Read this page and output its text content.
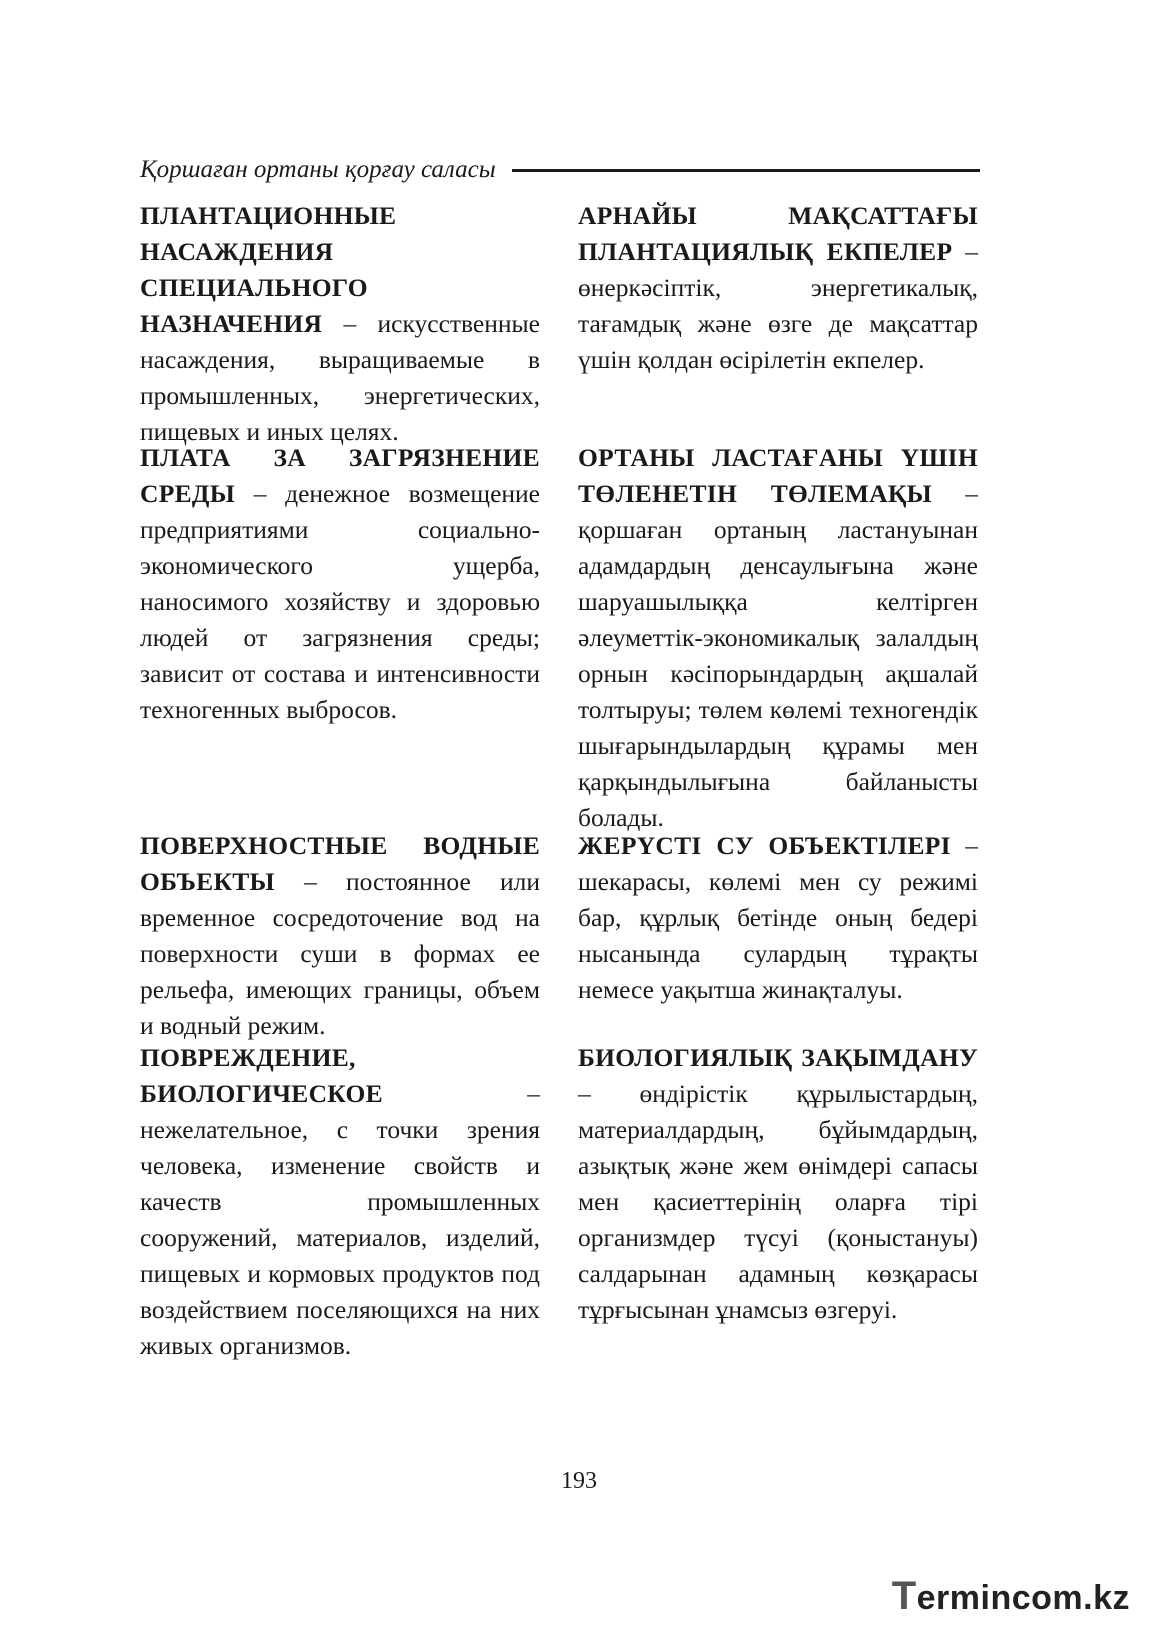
Қоршаған ортаны қорғау саласы

ПЛАНТАЦИОННЫЕ НАСАЖДЕНИЯ СПЕЦИАЛЬНОГО НАЗНАЧЕНИЯ – искусственные насаждения, выращиваемые в промышленных, энергетических, пищевых и иных целях.

ПЛАТА ЗА ЗАГРЯЗНЕНИЕ СРЕДЫ – денежное возмещение предприятиями социально-экономического ущерба, наносимого хозяйству и здоровью людей от загрязнения среды; зависит от состава и интенсивности техногенных выбросов.

ПОВЕРХНОСТНЫЕ ВОДНЫЕ ОБЪЕКТЫ – постоянное или временное сосредоточение вод на поверхности суши в формах ее рельефа, имеющих границы, объем и водный режим.

ПОВРЕЖДЕНИЕ, БИОЛОГИЧЕСКОЕ – нежелательное, с точки зрения человека, изменение свойств и качеств промышленных сооружений, материалов, изделий, пищевых и кормовых продуктов под воздействием поселяющихся на них живых организмов.

АРНАЙЫ МАҚСАТТАҒЫ ПЛАНТАЦИЯЛЫҚ ЕКПЕЛЕР – өнеркәсіптік, энергетикалық, тағамдық және өзге де мақсаттар үшін қолдан өсірілетін екпелер.

ОРТАНЫ ЛАСТАҒАНЫ ҮШІН ТӨЛЕНЕТІН ТӨЛЕМАҚЫ – қоршаған ортаның ластануынан адамдардың денсаулығына және шаруашылыққа келтірген әлеуметтік-экономикалық залалдың орнын кәсіпорындардың ақшалай толтыруы; төлем көлемі техногендік шығарындылардың құрамы мен қарқындылығына байланысты болады.

ЖЕРҮСТІ СУ ОБЪЕКТІЛЕРІ – шекарасы, көлемі мен су режимі бар, құрлық бетінде оның бедері нысанында сулардың тұрақты немесе уақытша жинақталуы.

БИОЛОГИЯЛЫҚ ЗАҚЫМДАНУ – өндірістік құрылыстардың, материалдардың, бұйымдардың, азықтық және жем өнімдері сапасы мен қасиеттерінің оларға тірі организмдер түсуі (қоныстануы) салдарынан адамның көзқарасы тұрғысынан ұнамсыз өзгеруі.

193
Termincom.kz
